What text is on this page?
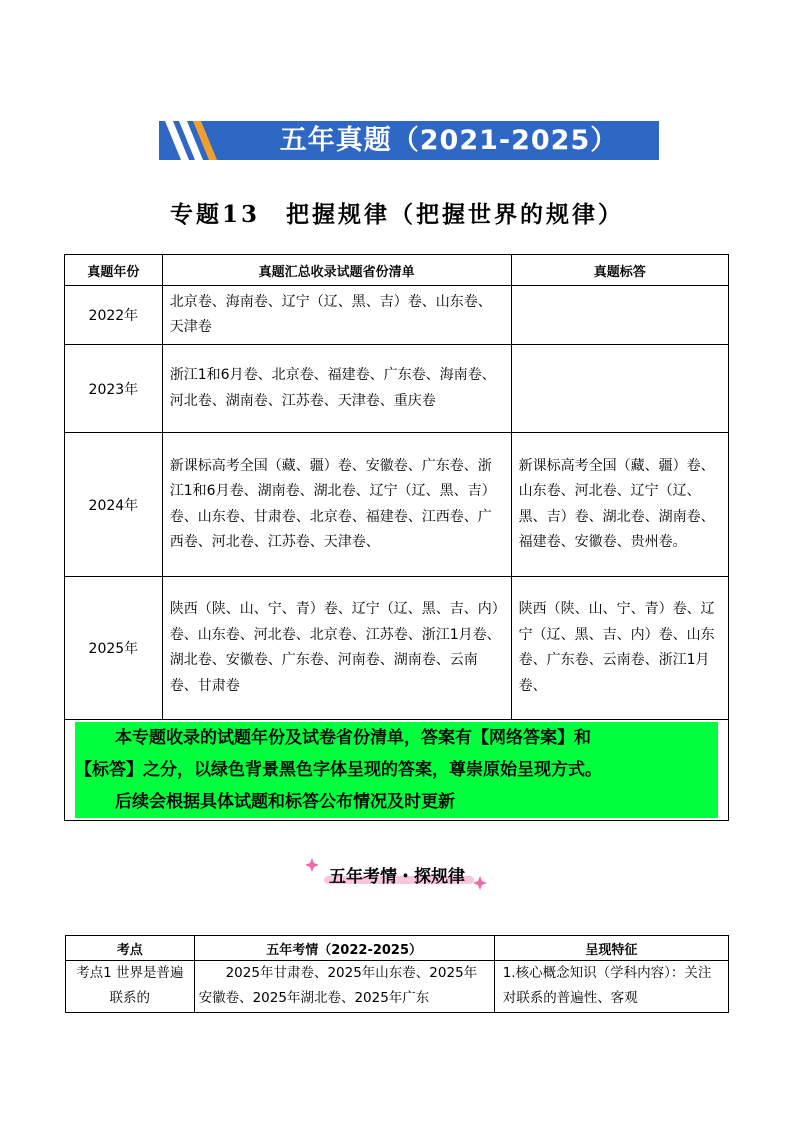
五年真题（2021-2025）
专题13　把握规律（把握世界的规律）
真题年份	真题汇总收录试题省份清单	真题标答
2022年	北京卷、海南卷、辽宁（辽、黑、吉）卷、山东卷、天津卷	

2023年	浙江1和6月卷、北京卷、福建卷、广东卷、海南卷、河北卷、湖南卷、江苏卷、天津卷、重庆卷	

2024年	新课标高考全国（藏、疆）卷、安徽卷、广东卷、浙江1和6月卷、湖南卷、湖北卷、辽宁（辽、黑、吉）卷、山东卷、甘肃卷、北京卷、福建卷、江西卷、广西卷、河北卷、江苏卷、天津卷、	新课标高考全国（藏、疆）卷、山东卷、河北卷、辽宁（辽、黑、吉）卷、湖北卷、湖南卷、福建卷、安徽卷、贵州卷。

2025年	陕西（陕、山、宁、青）卷、辽宁（辽、黑、吉、内）卷、山东卷、河北卷、北京卷、江苏卷、浙江1月卷、湖北卷、安徽卷、广东卷、河南卷、湖南卷、云南卷、甘肃卷	陕西（陕、山、宁、青）卷、辽宁（辽、黑、吉、内）卷、山东卷、广东卷、云南卷、浙江1月卷、

本专题收录的试题年份及试卷省份清单，答案有【网络答案】和
【标答】之分，以绿色背景黑色字体呈现的答案，尊崇原始呈现方式。
后续会根据具体试题和标答公布情况及时更新		
五年考情・探规律
考点	五年考情（2022-2025）	呈现特征

考点1 世界是普遍联系的	2025年甘肃卷、2025年山东卷、2025年安徽卷、2025年湖北卷、2025年广东	1.核心概念知识（学科内容）：关注对联系的普遍性、客观
